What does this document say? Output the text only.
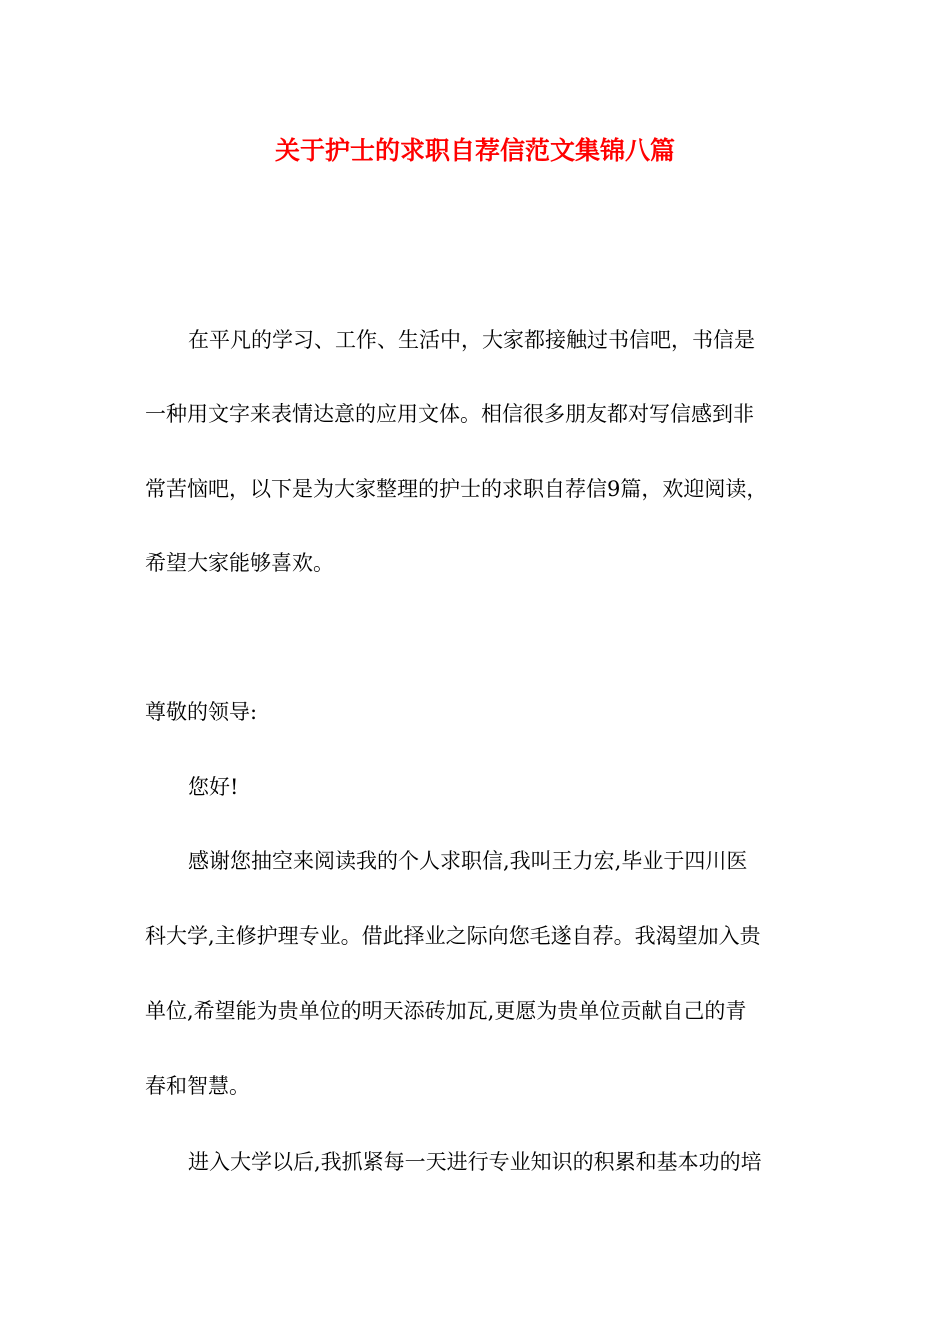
关于护士的求职自荐信范文集锦八篇
在平凡的学习、工作、生活中，大家都接触过书信吧，书信是
一种用文字来表情达意的应用文体。相信很多朋友都对写信感到非
常苦恼吧，以下是为大家整理的护士的求职自荐信9篇，欢迎阅读，
希望大家能够喜欢。
尊敬的领导:
您好!
感谢您抽空来阅读我的个人求职信,我叫王力宏,毕业于四川医
科大学,主修护理专业。借此择业之际向您毛遂自荐。我渴望加入贵
单位,希望能为贵单位的明天添砖加瓦,更愿为贵单位贡献自己的青
春和智慧。
进入大学以后,我抓紧每一天进行专业知识的积累和基本功的培
